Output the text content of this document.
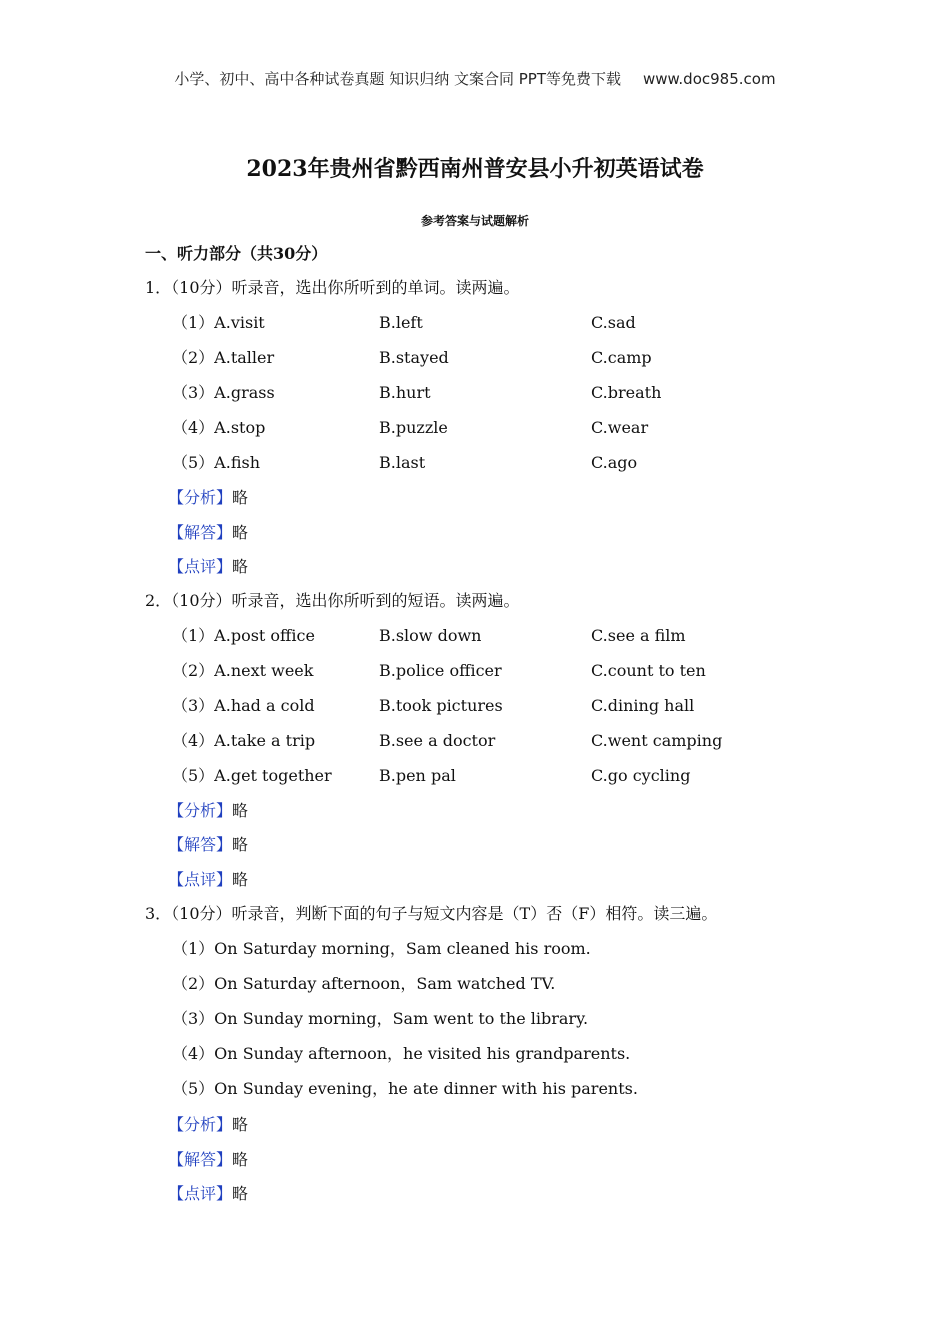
小学、初中、高中各种试卷真题 知识归纳 文案合同 PPT等免费下载 www.doc985.com
2023年贵州省黔西南州普安县小升初英语试卷
参考答案与试题解析
一、听力部分（共30分）
1．（10分）听录音，选出你所听到的单词。读两遍。
（1）A.visit	B.left	C.sad
（2）A.taller	B.stayed	C.camp
（3）A.grass	B.hurt	C.breath
（4）A.stop	B.puzzle	C.wear
（5）A.fish	B.last	C.ago
【分析】略
【解答】略
【点评】略
2．（10分）听录音，选出你所听到的短语。读两遍。
（1）A.post office	B.slow down	C.see a film
（2）A.next week	B.police officer	C.count to ten
（3）A.had a cold	B.took pictures	C.dining hall
（4）A.take a trip	B.see a doctor	C.went camping
（5）A.get together	B.pen pal	C.go cycling
【分析】略
【解答】略
【点评】略
3．（10分）听录音，判断下面的句子与短文内容是（T）否（F）相符。读三遍。
（1）On Saturday morning，Sam cleaned his room.
（2）On Saturday afternoon，Sam watched TV.
（3）On Sunday morning，Sam went to the library.
（4）On Sunday afternoon，he visited his grandparents.
（5）On Sunday evening，he ate dinner with his parents.
【分析】略
【解答】略
【点评】略
